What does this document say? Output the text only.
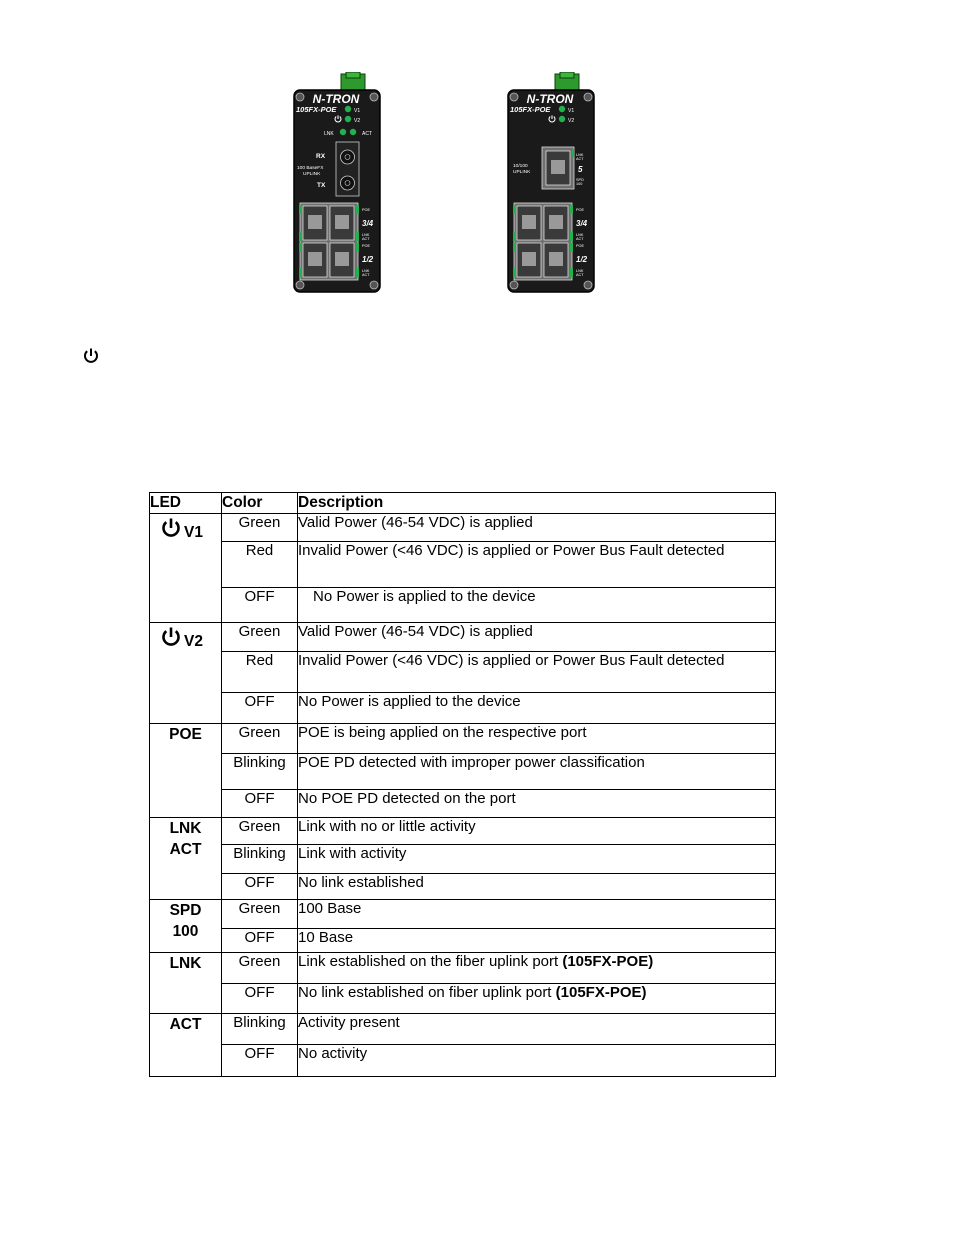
N-TRON
105FX-POE	V1
V2
LNK	ACT
RX
100 BaseFX
UPLINK
TX
POE
3/4
LNK
ACT
POE
1/2
LNK
ACT
N-TRON
105FX-POE	V1
V2
10/100
UPLINK
LNK
ACT
5
SPD
100
POE
3/4
LNK
ACT
POE
1/2
LNK
ACT
LED	Color	Description
V1	Green	Valid Power (46-54 VDC) is applied
	Red	Invalid Power (<46 VDC) is applied or Power Bus Fault detected
	OFF	No Power is applied to the device
V2	Green	Valid Power (46-54 VDC) is applied
	Red	Invalid Power (<46 VDC) is applied or Power Bus Fault detected
	OFF	No Power is applied to the device
POE	Green	POE is being applied on the respective port
	Blinking	POE PD detected with improper power classification
	OFF	No POE PD detected on the port
LNK
ACT	Green	Link with no or little activity
	Blinking	Link with activity
	OFF	No link established
SPD
100	Green	100 Base
	OFF	10 Base
LNK	Green	Link established on the fiber uplink port (105FX-POE)
	OFF	No link established on fiber uplink port (105FX-POE)
ACT	Blinking	Activity present
	OFF	No activity
